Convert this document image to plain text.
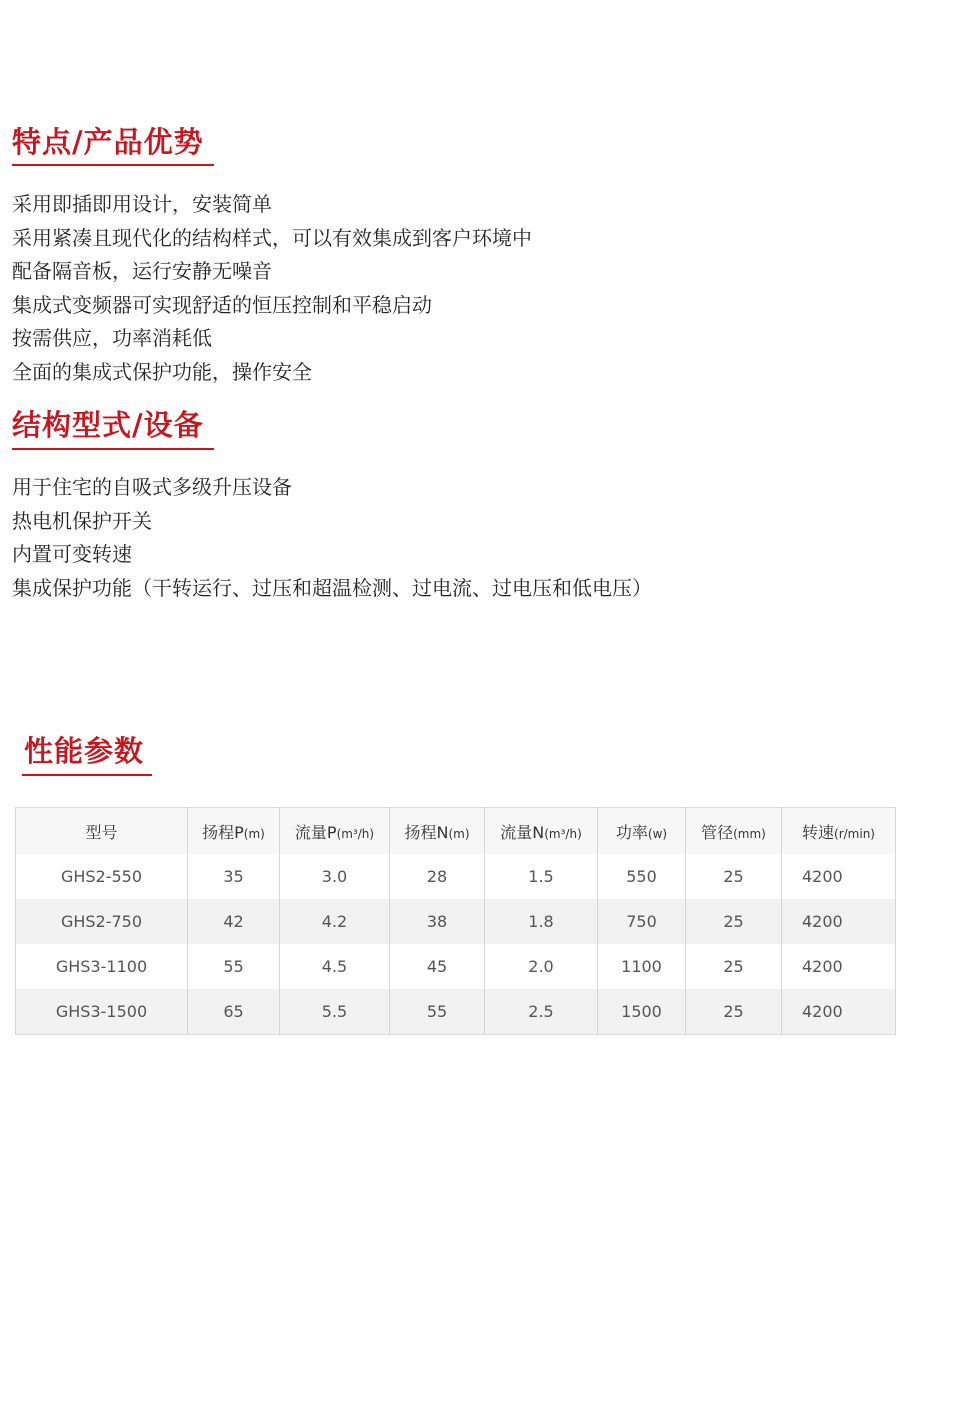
特点/产品优势
采用即插即用设计，安装简单
采用紧凑且现代化的结构样式，可以有效集成到客户环境中
配备隔音板，运行安静无噪音
集成式变频器可实现舒适的恒压控制和平稳启动
按需供应，功率消耗低
全面的集成式保护功能，操作安全
结构型式/设备
用于住宅的自吸式多级升压设备
热电机保护开关
内置可变转速
集成保护功能（干转运行、过压和超温检测、过电流、过电压和低电压）
性能参数
型号	扬程P(m)	流量P(m³/h)	扬程N(m)	流量N(m³/h)	功率(w)	管径(mm)	转速(r/min)
GHS2-550	35	3.0	28	1.5	550	25	4200
GHS2-750	42	4.2	38	1.8	750	25	4200
GHS3-1100	55	4.5	45	2.0	1100	25	4200
GHS3-1500	65	5.5	55	2.5	1500	25	4200
